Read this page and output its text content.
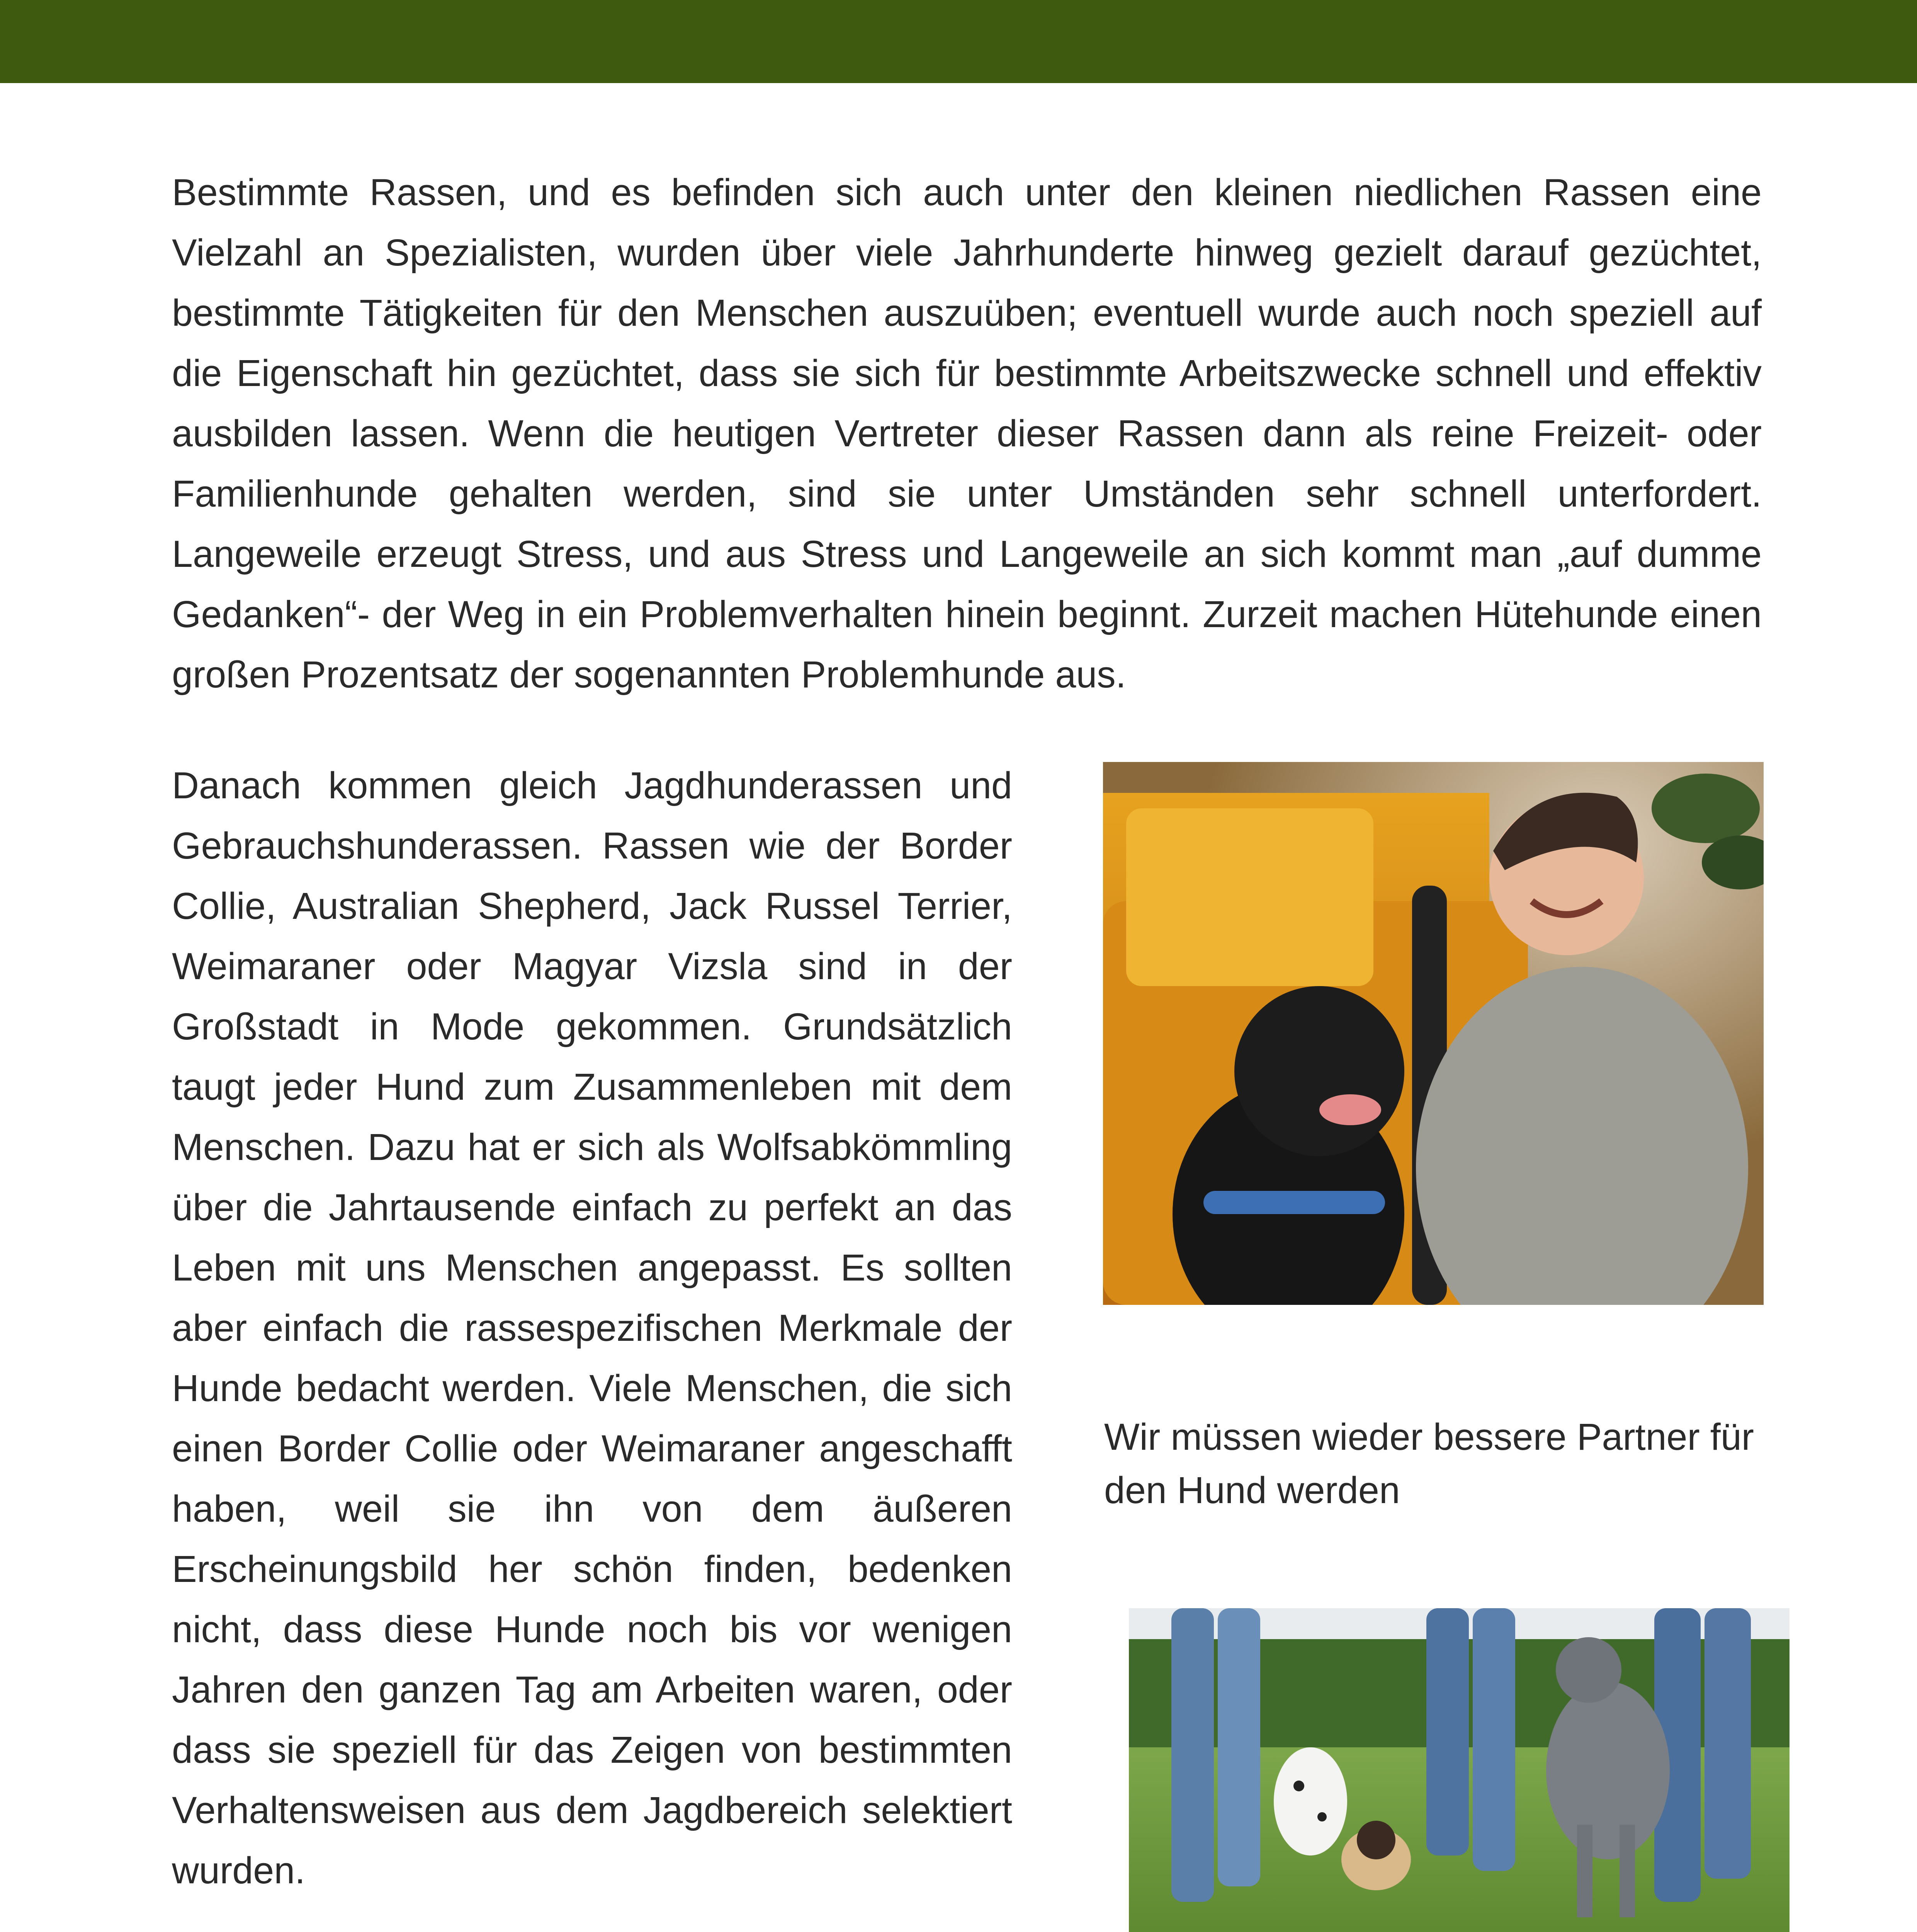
Bestimmte Rassen, und es befinden sich auch unter den kleinen niedlichen Rassen eine Vielzahl an Spezialisten, wurden über viele Jahrhunderte hinweg gezielt darauf gezüchtet, bestimmte Tätigkeiten für den Menschen auszuüben; eventuell wurde auch noch speziell auf die Eigenschaft hin gezüchtet, dass sie sich für bestimmte Arbeitszwecke schnell und effektiv ausbilden lassen. Wenn die heutigen Vertreter dieser Rassen dann als reine Freizeit- oder Familienhunde gehalten werden, sind sie unter Umständen sehr schnell unterfordert. Langeweile erzeugt Stress, und aus Stress und Langeweile an sich kommt man „auf dumme Gedanken“- der Weg in ein Problemverhalten hinein beginnt. Zurzeit machen Hütehunde einen großen Prozentsatz der sogenannten Problemhunde aus.

Danach kommen gleich Jagdhunderassen und Gebrauchshunderassen. Rassen wie der Border Collie, Australian Shepherd, Jack Russel Terrier, Weimaraner oder Magyar Vizsla sind in der Großstadt in Mode gekommen. Grundsätzlich taugt jeder Hund zum Zusammenleben mit dem Menschen. Dazu hat er sich als Wolfsabkömmling über die Jahrtausende einfach zu perfekt an das Leben mit uns Menschen angepasst. Es sollten aber einfach die rassespezifischen Merkmale der Hunde bedacht werden. Viele Menschen, die sich einen Border Collie oder Weimaraner angeschafft haben, weil sie ihn von dem äußeren Erscheinungsbild her schön finden, bedenken nicht, dass diese Hunde noch bis vor wenigen Jahren den ganzen Tag am Arbeiten waren, oder dass sie speziell für das Zeigen von bestimmten Verhaltensweisen aus dem Jagdbereich selektiert wurden.

Wir müssen wieder bessere Partner für den Hund werden
